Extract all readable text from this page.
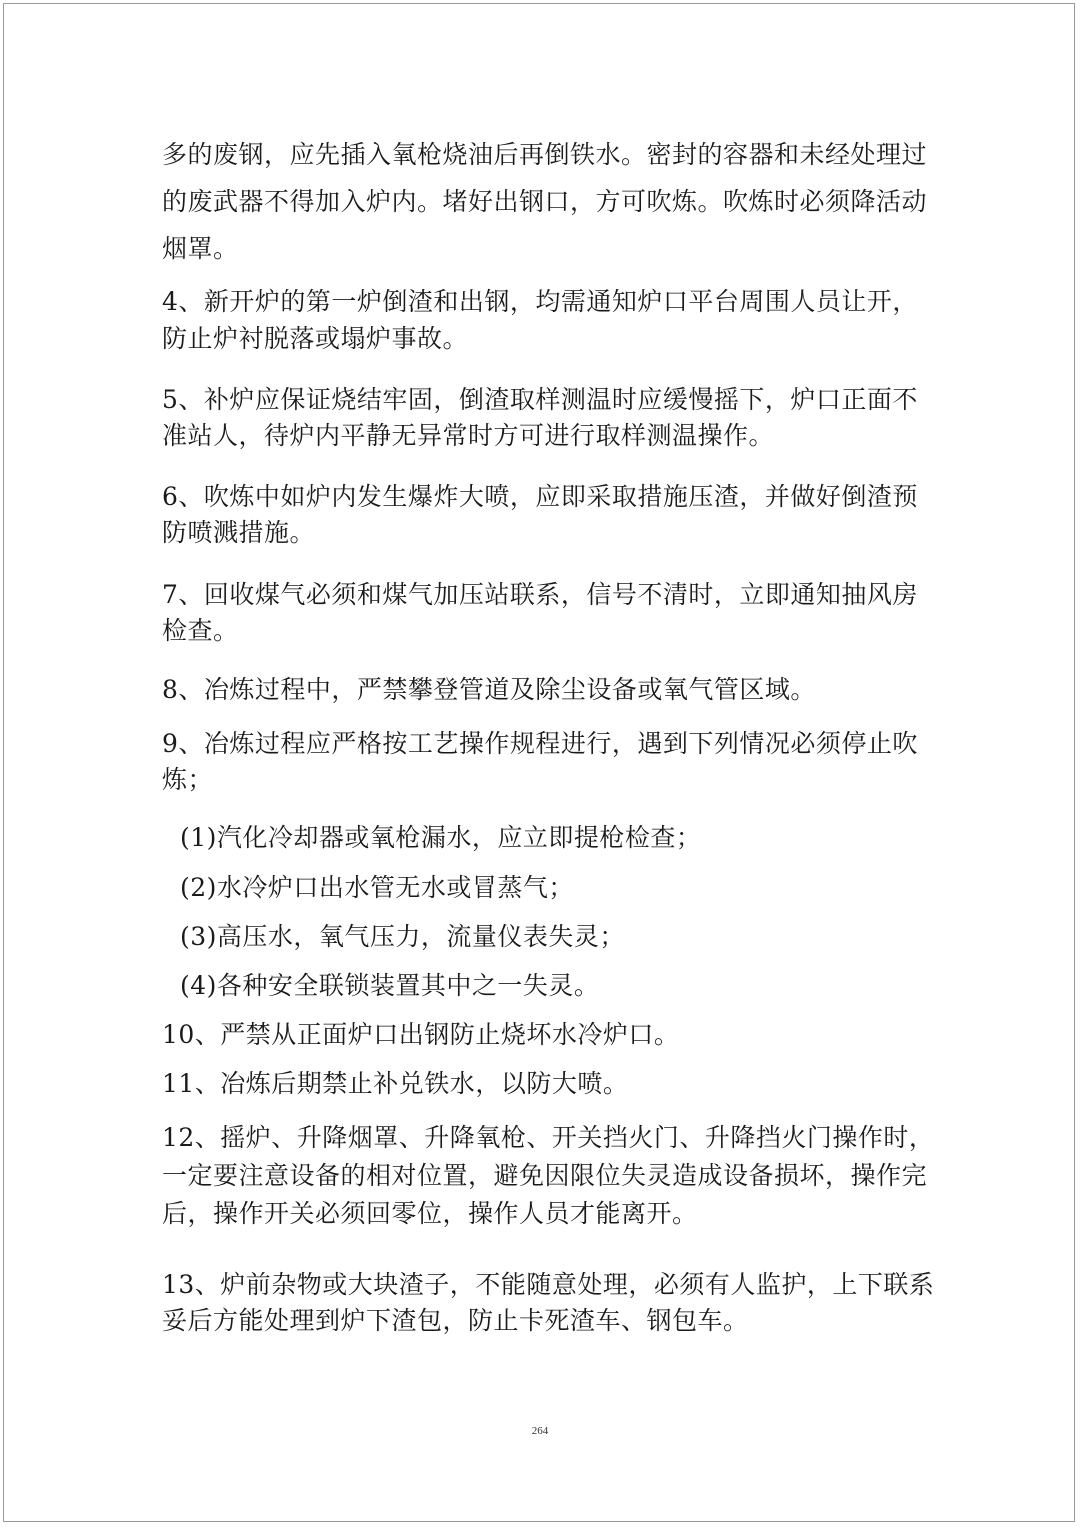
多的废钢，应先插入氧枪烧油后再倒铁水。密封的容器和未经处理过
的废武器不得加入炉内。堵好出钢口，方可吹炼。吹炼时必须降活动
烟罩。
4、新开炉的第一炉倒渣和出钢，均需通知炉口平台周围人员让开，
防止炉衬脱落或塌炉事故。
5、补炉应保证烧结牢固，倒渣取样测温时应缓慢摇下，炉口正面不
准站人，待炉内平静无异常时方可进行取样测温操作。
6、吹炼中如炉内发生爆炸大喷，应即采取措施压渣，并做好倒渣预
防喷溅措施。
7、回收煤气必须和煤气加压站联系，信号不清时，立即通知抽风房
检查。
8、冶炼过程中，严禁攀登管道及除尘设备或氧气管区域。
9、冶炼过程应严格按工艺操作规程进行，遇到下列情况必须停止吹
炼；
(1)汽化冷却器或氧枪漏水，应立即提枪检查；
(2)水冷炉口出水管无水或冒蒸气；
(3)高压水，氧气压力，流量仪表失灵；
(4)各种安全联锁装置其中之一失灵。
10、严禁从正面炉口出钢防止烧坏水冷炉口。
11、冶炼后期禁止补兑铁水，以防大喷。
12、摇炉、升降烟罩、升降氧枪、开关挡火门、升降挡火门操作时，
一定要注意设备的相对位置，避免因限位失灵造成设备损坏，操作完
后，操作开关必须回零位，操作人员才能离开。
13、炉前杂物或大块渣子，不能随意处理，必须有人监护，上下联系
妥后方能处理到炉下渣包，防止卡死渣车、钢包车。
264
